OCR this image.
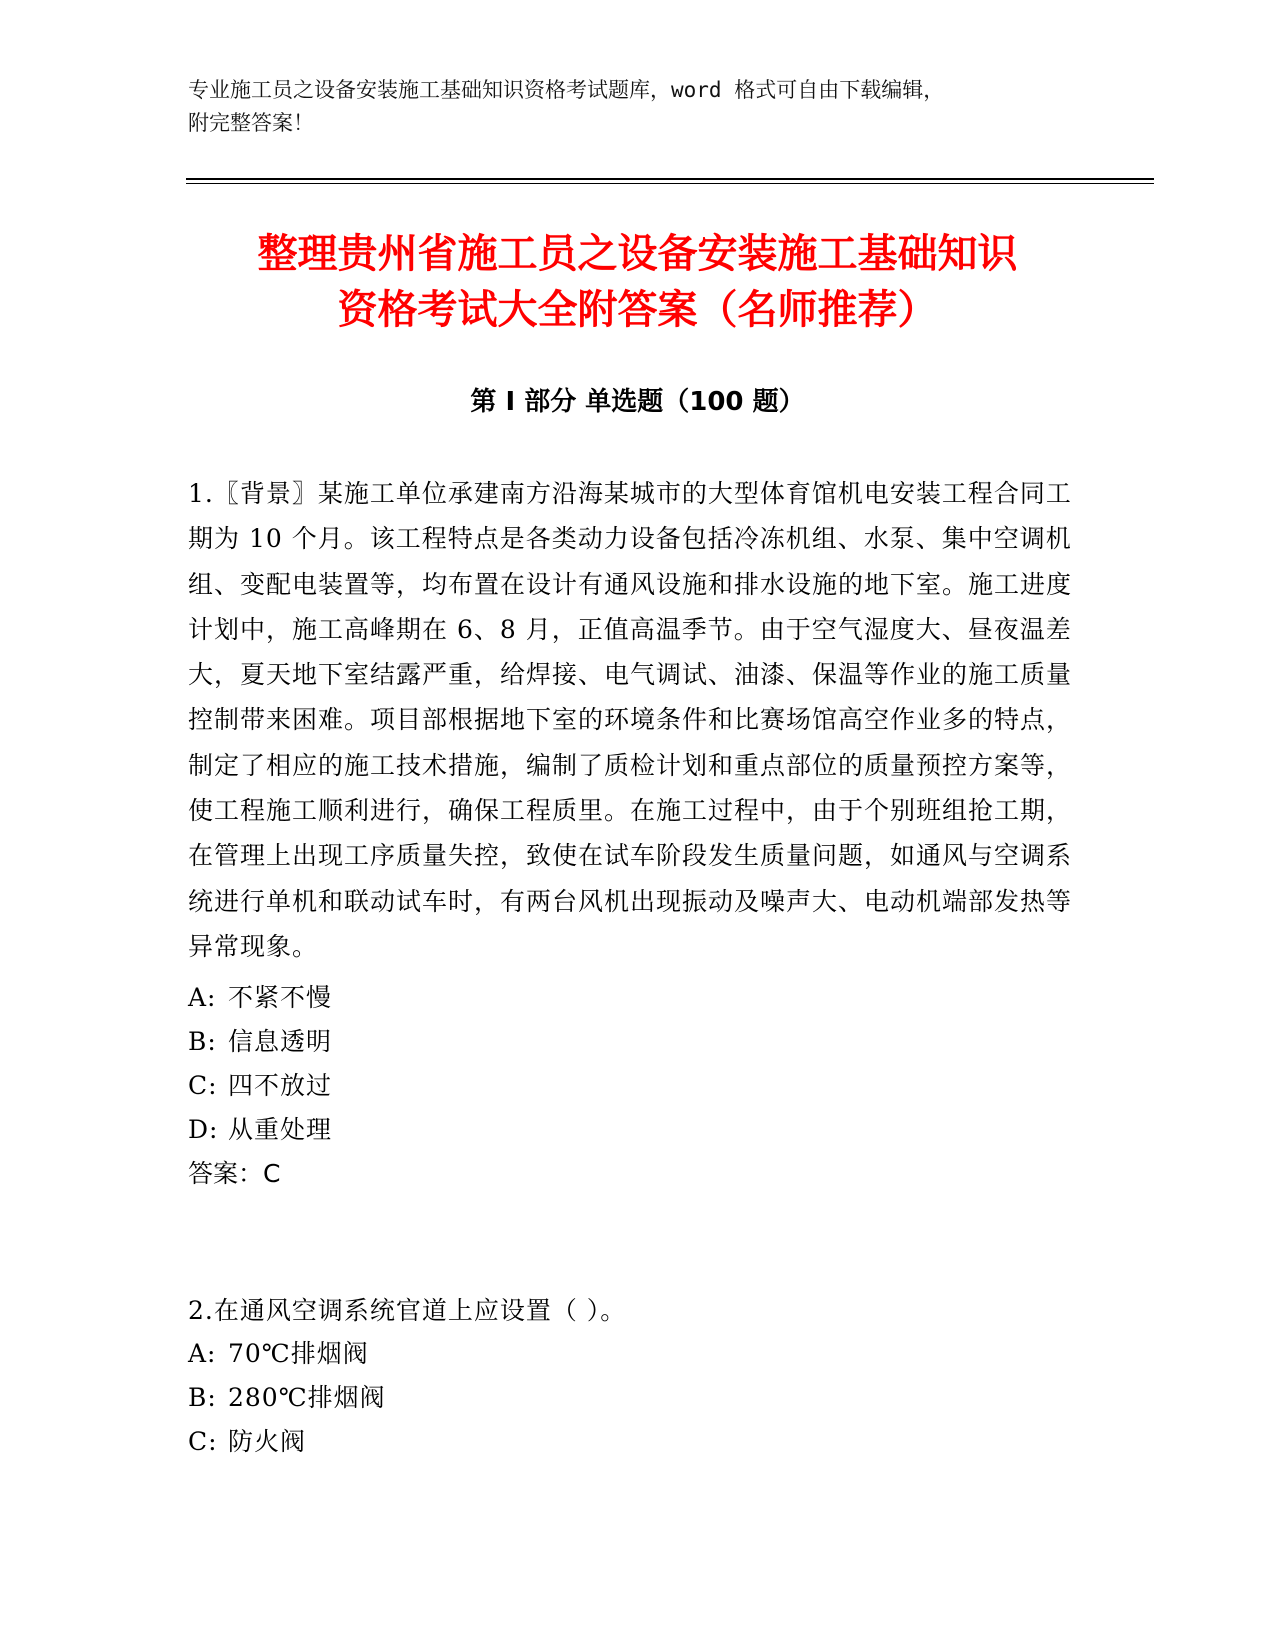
专业施工员之设备安装施工基础知识资格考试题库，word 格式可自由下载编辑，
附完整答案！
整理贵州省施工员之设备安装施工基础知识
资格考试大全附答案（名师推荐）
第 I 部分 单选题（100 题）

1.〖背景〗某施工单位承建南方沿海某城市的大型体育馆机电安装工程合同工期为 10 个月。该工程特点是各类动力设备包括冷冻机组、水泵、集中空调机组、变配电装置等，均布置在设计有通风设施和排水设施的地下室。施工进度计划中，施工高峰期在 6、8 月，正值高温季节。由于空气湿度大、昼夜温差大，夏天地下室结露严重，给焊接、电气调试、油漆、保温等作业的施工质量控制带来困难。项目部根据地下室的环境条件和比赛场馆高空作业多的特点，制定了相应的施工技术措施，编制了质检计划和重点部位的质量预控方案等，使工程施工顺利进行，确保工程质里。在施工过程中，由于个别班组抢工期，在管理上出现工序质量失控，致使在试车阶段发生质量问题，如通风与空调系统进行单机和联动试车时，有两台风机出现振动及噪声大、电动机端部发热等异常现象。

A: 不紧不慢
B: 信息透明
C: 四不放过
D: 从重处理
答案：C

2.在通风空调系统官道上应设置（ ）。

A: 70℃排烟阀
B: 280℃排烟阀
C: 防火阀
